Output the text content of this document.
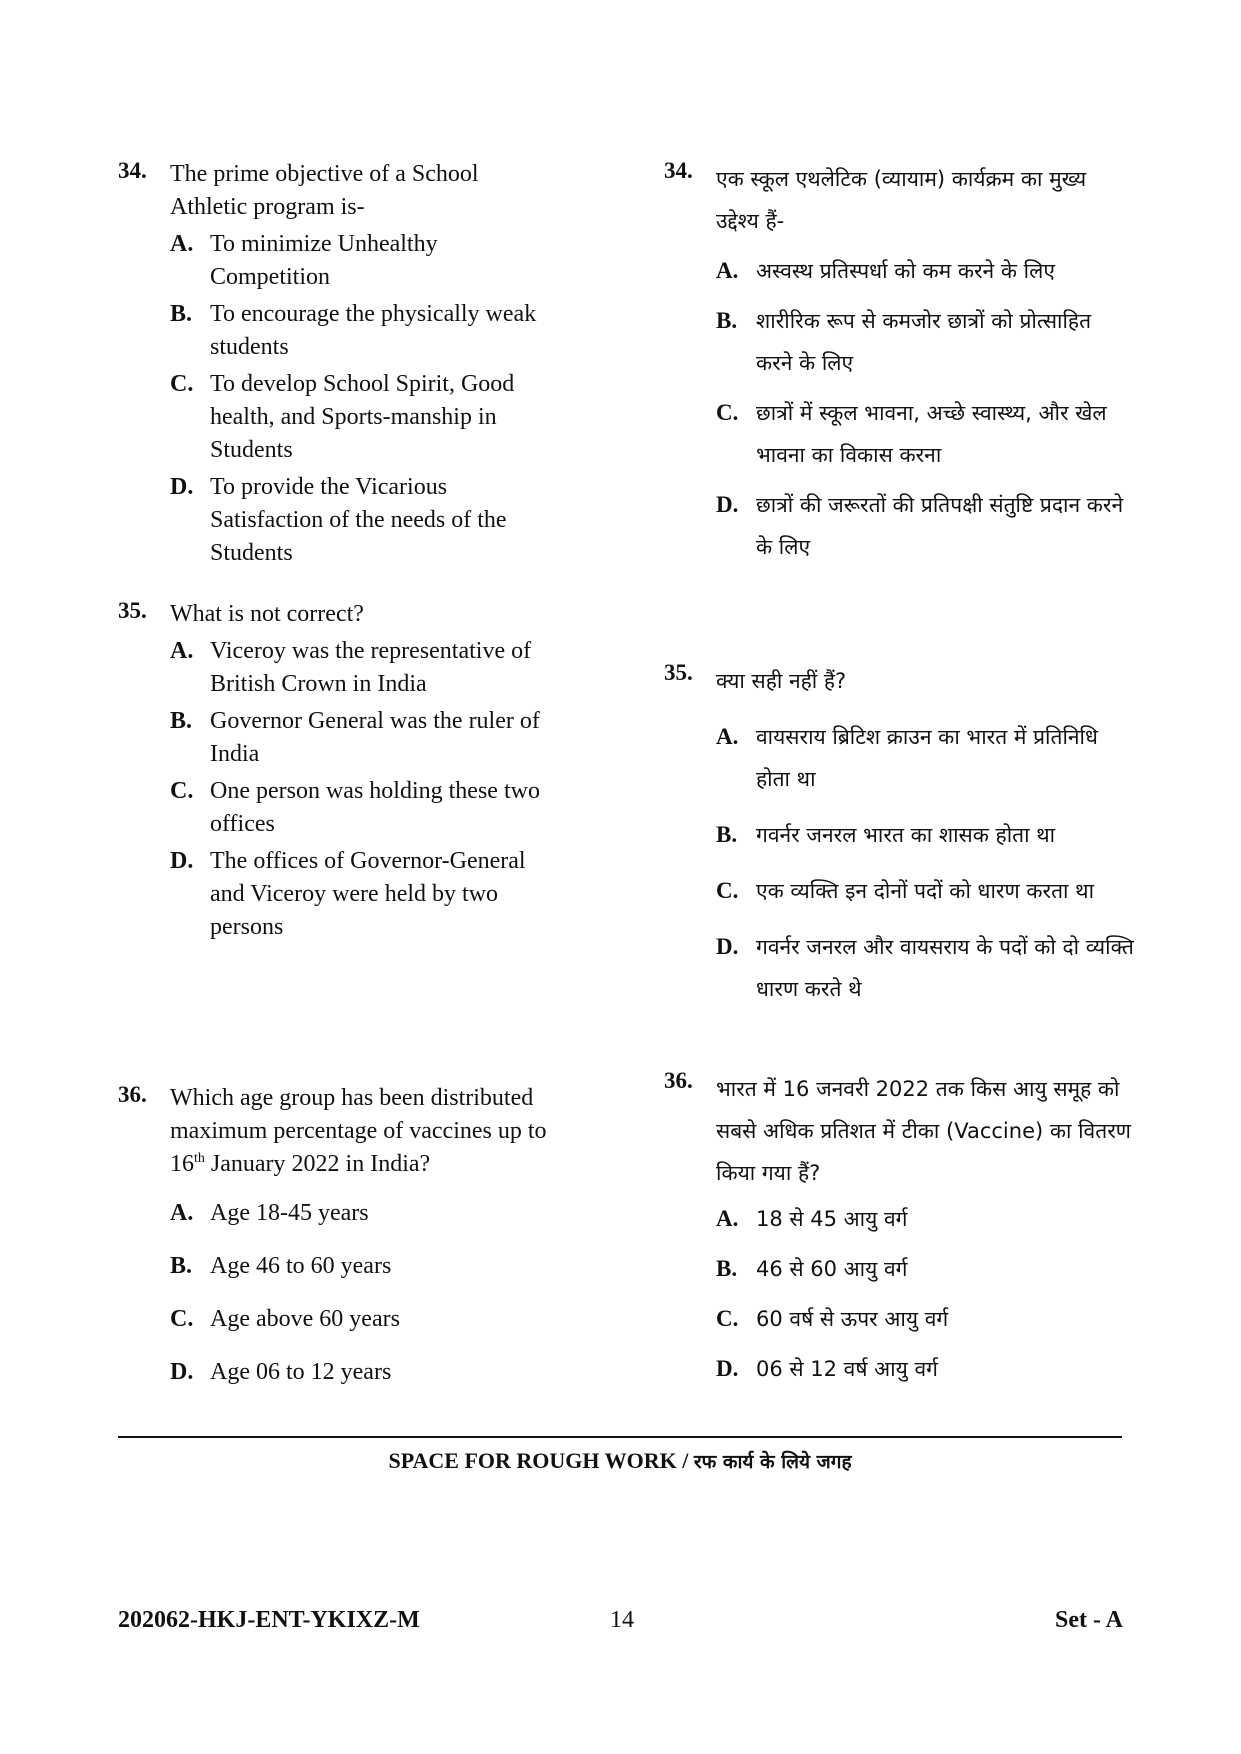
34. The prime objective of a School Athletic program is-
A. To minimize Unhealthy Competition
B. To encourage the physically weak students
C. To develop School Spirit, Good health, and Sports-manship in Students
D. To provide the Vicarious Satisfaction of the needs of the Students
35. What is not correct?
A. Viceroy was the representative of British Crown in India
B. Governor General was the ruler of India
C. One person was holding these two offices
D. The offices of Governor-General and Viceroy were held by two persons
36. Which age group has been distributed maximum percentage of vaccines up to 16th January 2022 in India?
A. Age 18-45 years
B. Age 46 to 60 years
C. Age above 60 years
D. Age 06 to 12 years
34. एक स्कूल एथलेटिक (व्यायाम) कार्यक्रम का मुख्य उद्देश्य हैं-
A. अस्वस्थ प्रतिस्पर्धा को कम करने के लिए
B. शारीरिक रूप से कमजोर छात्रों को प्रोत्साहित करने के लिए
C. छात्रों में स्कूल भावना, अच्छे स्वास्थ्य, और खेल भावना का विकास करना
D. छात्रों की जरूरतों की प्रतिपक्षी संतुष्टि प्रदान करने के लिए
35. क्या सही नहीं हैं?
A. वायसराय ब्रिटिश क्राउन का भारत में प्रतिनिधि होता था
B. गवर्नर जनरल भारत का शासक होता था
C. एक व्यक्ति इन दोनों पदों को धारण करता था
D. गवर्नर जनरल और वायसराय के पदों को दो व्यक्ति धारण करते थे
36. भारत में 16 जनवरी 2022 तक किस आयु समूह को सबसे अधिक प्रतिशत में टीका (Vaccine) का वितरण किया गया हैं?
A. 18 से 45 आयु वर्ग
B. 46 से 60 आयु वर्ग
C. 60 वर्ष से ऊपर आयु वर्ग
D. 06 से 12 वर्ष आयु वर्ग
SPACE FOR ROUGH WORK / रफ कार्य के लिये जगह
202062-HKJ-ENT-YKIXZ-M	14	Set - A
